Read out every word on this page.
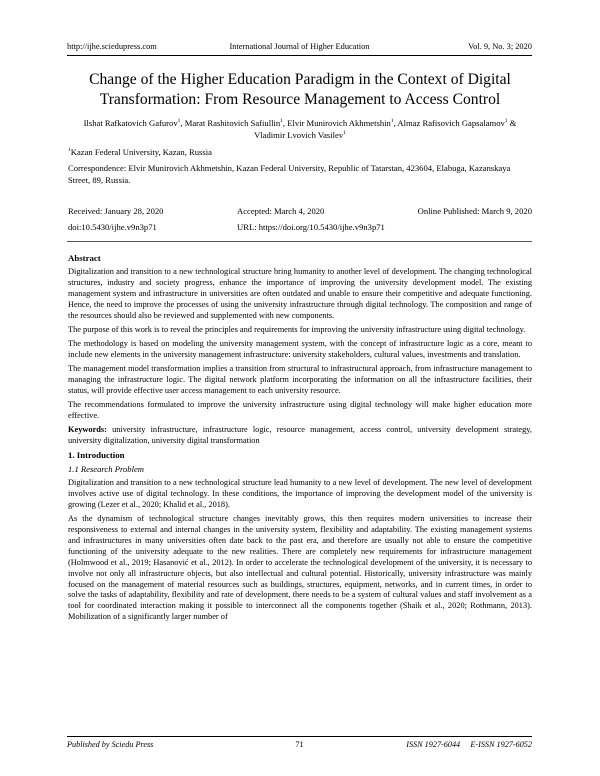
http://ijhe.sciedupress.com	International Journal of Higher Education	Vol. 9, No. 3; 2020
Change of the Higher Education Paradigm in the Context of Digital Transformation: From Resource Management to Access Control
Ilshat Rafkatovich Gafurov$^1$, Marat Rashitovich Safiullin$^1$, Elvir Munirovich Akhmetshin$^1$, Almaz Rafisovich Gapsalamov$^1$ & Vladimir Lvovich Vasilev$^1$
$^1$Kazan Federal University, Kazan, Russia
Correspondence: Elvir Munirovich Akhmetshin, Kazan Federal University, Republic of Tatarstan, 423604, Elabuga, Kazanskaya Street, 89, Russia.
Received: January 28, 2020	Accepted: March 4, 2020	Online Published: March 9, 2020
doi:10.5430/ijhe.v9n3p71	URL: https://doi.org/10.5430/ijhe.v9n3p71
Abstract

Digitalization and transition to a new technological structure bring humanity to another level of development. The changing technological structures, industry and society progress, enhance the importance of improving the university development model. The existing management system and infrastructure in universities are often outdated and unable to ensure their competitive and adequate functioning. Hence, the need to improve the processes of using the university infrastructure through digital technology. The composition and range of the resources should also be reviewed and supplemented with new components.

The purpose of this work is to reveal the principles and requirements for improving the university infrastructure using digital technology.

The methodology is based on modeling the university management system, with the concept of infrastructure logic as a core, meant to include new elements in the university management infrastructure: university stakeholders, cultural values, investments and translation.

The management model transformation implies a transition from structural to infrastructural approach, from infrastructure management to managing the infrastructure logic. The digital network platform incorporating the information on all the infrastructure facilities, their status, will provide effective user access management to each university resource.

The recommendations formulated to improve the university infrastructure using digital technology will make higher education more effective.

Keywords: university infrastructure, infrastructure logic, resource management, access control, university development strategy, university digitalization, university digital transformation

1. Introduction
1.1 Research Problem

Digitalization and transition to a new technological structure lead humanity to a new level of development. The new level of development involves active use of digital technology. In these conditions, the importance of improving the development model of the university is growing (Lezer et al., 2020; Khalid et al., 2018).

As the dynamism of technological structure changes inevitably grows, this then requires modern universities to increase their responsiveness to external and internal changes in the university system, flexibility and adaptability. The existing management systems and infrastructures in many universities often date back to the past era, and therefore are usually not able to ensure the competitive functioning of the university adequate to the new realities. There are completely new requirements for infrastructure management (Holmwood et al., 2019; Hasanović et al., 2012). In order to accelerate the technological development of the university, it is necessary to involve not only all infrastructure objects, but also intellectual and cultural potential. Historically, university infrastructure was mainly focused on the management of material resources such as buildings, structures, equipment, networks, and in current times, in order to solve the tasks of adaptability, flexibility and rate of development, there needs to be a system of cultural values and staff involvement as a tool for coordinated interaction making it possible to interconnect all the components together (Shaik et al., 2020; Rothmann, 2013). Mobilization of a significantly larger number of

Published by Sciedu Press	71	ISSN 1927-6044     E-ISSN 1927-6052
